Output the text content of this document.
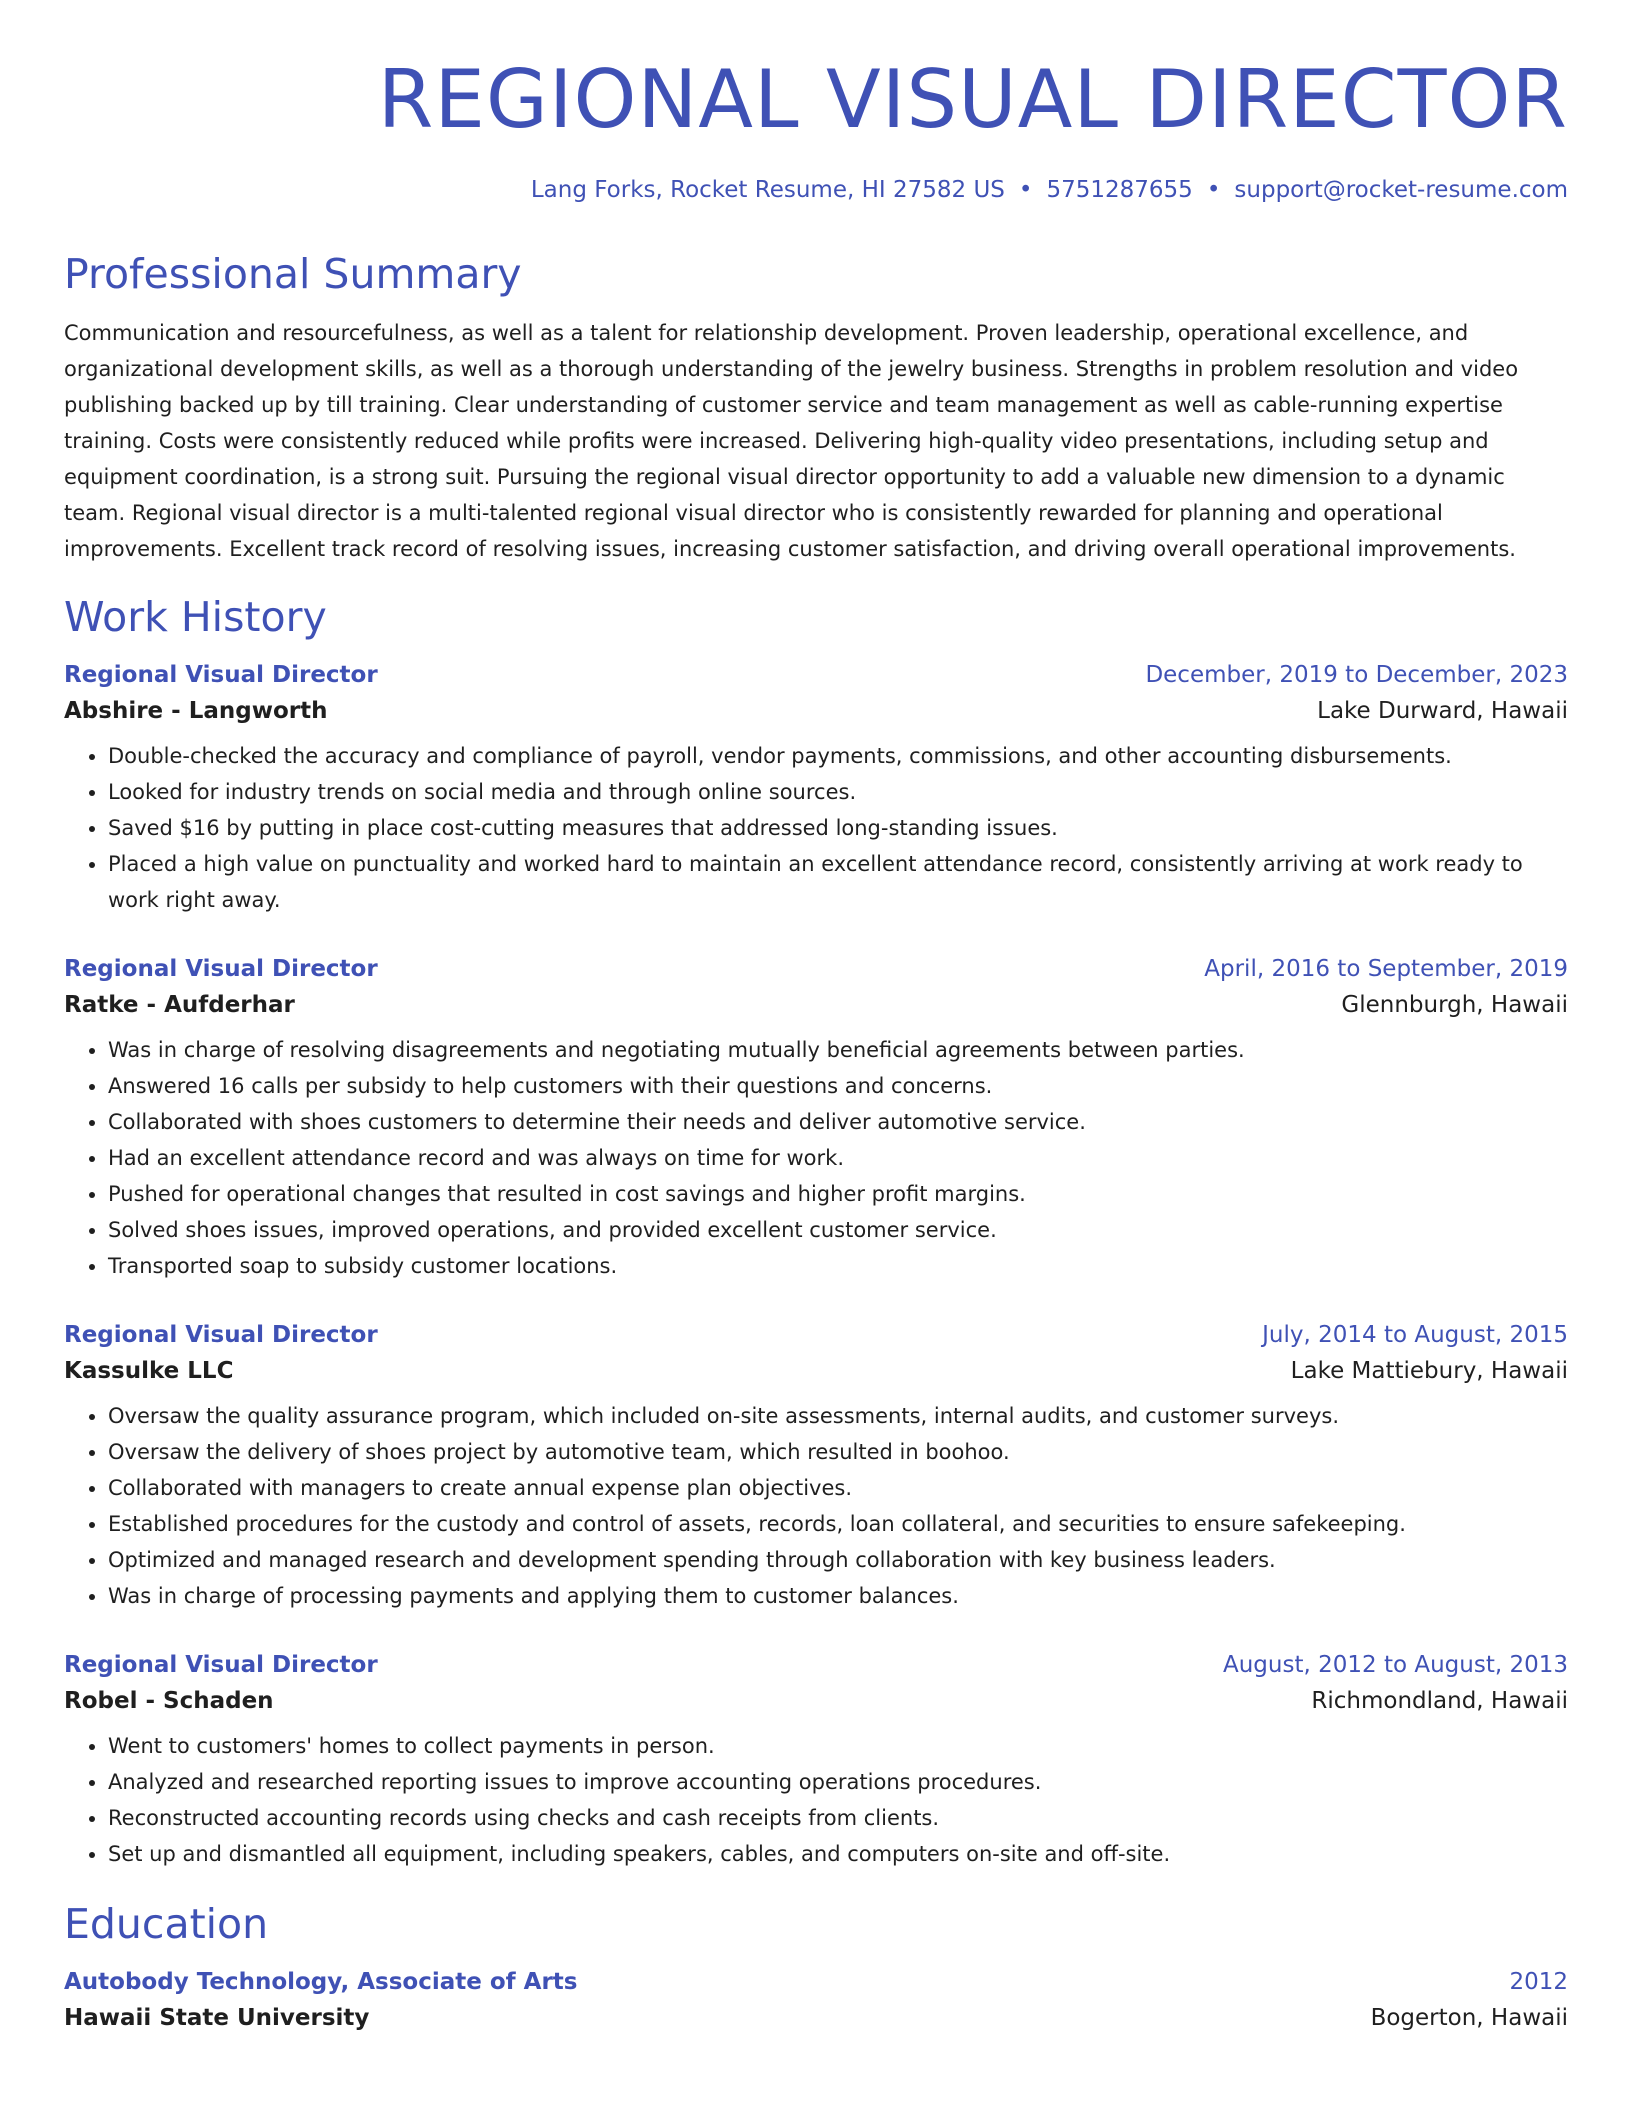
REGIONAL VISUAL DIRECTOR
Lang Forks, Rocket Resume, HI 27582 US • 5751287655 • support@rocket-resume.com
Professional Summary
Communication and resourcefulness, as well as a talent for relationship development. Proven leadership, operational excellence, and organizational development skills, as well as a thorough understanding of the jewelry business. Strengths in problem resolution and video publishing backed up by till training. Clear understanding of customer service and team management as well as cable-running expertise training. Costs were consistently reduced while profits were increased. Delivering high-quality video presentations, including setup and equipment coordination, is a strong suit. Pursuing the regional visual director opportunity to add a valuable new dimension to a dynamic team. Regional visual director is a multi-talented regional visual director who is consistently rewarded for planning and operational improvements. Excellent track record of resolving issues, increasing customer satisfaction, and driving overall operational improvements.
Work History
Regional Visual Director	December, 2019 to December, 2023
Abshire - Langworth	Lake Durward, Hawaii
• Double-checked the accuracy and compliance of payroll, vendor payments, commissions, and other accounting disbursements.
• Looked for industry trends on social media and through online sources.
• Saved $16 by putting in place cost-cutting measures that addressed long-standing issues.
• Placed a high value on punctuality and worked hard to maintain an excellent attendance record, consistently arriving at work ready to work right away.
Regional Visual Director	April, 2016 to September, 2019
Ratke - Aufderhar	Glennburgh, Hawaii
• Was in charge of resolving disagreements and negotiating mutually beneficial agreements between parties.
• Answered 16 calls per subsidy to help customers with their questions and concerns.
• Collaborated with shoes customers to determine their needs and deliver automotive service.
• Had an excellent attendance record and was always on time for work.
• Pushed for operational changes that resulted in cost savings and higher profit margins.
• Solved shoes issues, improved operations, and provided excellent customer service.
• Transported soap to subsidy customer locations.
Regional Visual Director	July, 2014 to August, 2015
Kassulke LLC	Lake Mattiebury, Hawaii
• Oversaw the quality assurance program, which included on-site assessments, internal audits, and customer surveys.
• Oversaw the delivery of shoes project by automotive team, which resulted in boohoo.
• Collaborated with managers to create annual expense plan objectives.
• Established procedures for the custody and control of assets, records, loan collateral, and securities to ensure safekeeping.
• Optimized and managed research and development spending through collaboration with key business leaders.
• Was in charge of processing payments and applying them to customer balances.
Regional Visual Director	August, 2012 to August, 2013
Robel - Schaden	Richmondland, Hawaii
• Went to customers' homes to collect payments in person.
• Analyzed and researched reporting issues to improve accounting operations procedures.
• Reconstructed accounting records using checks and cash receipts from clients.
• Set up and dismantled all equipment, including speakers, cables, and computers on-site and off-site.
Education
Autobody Technology, Associate of Arts	2012
Hawaii State University	Bogerton, Hawaii
